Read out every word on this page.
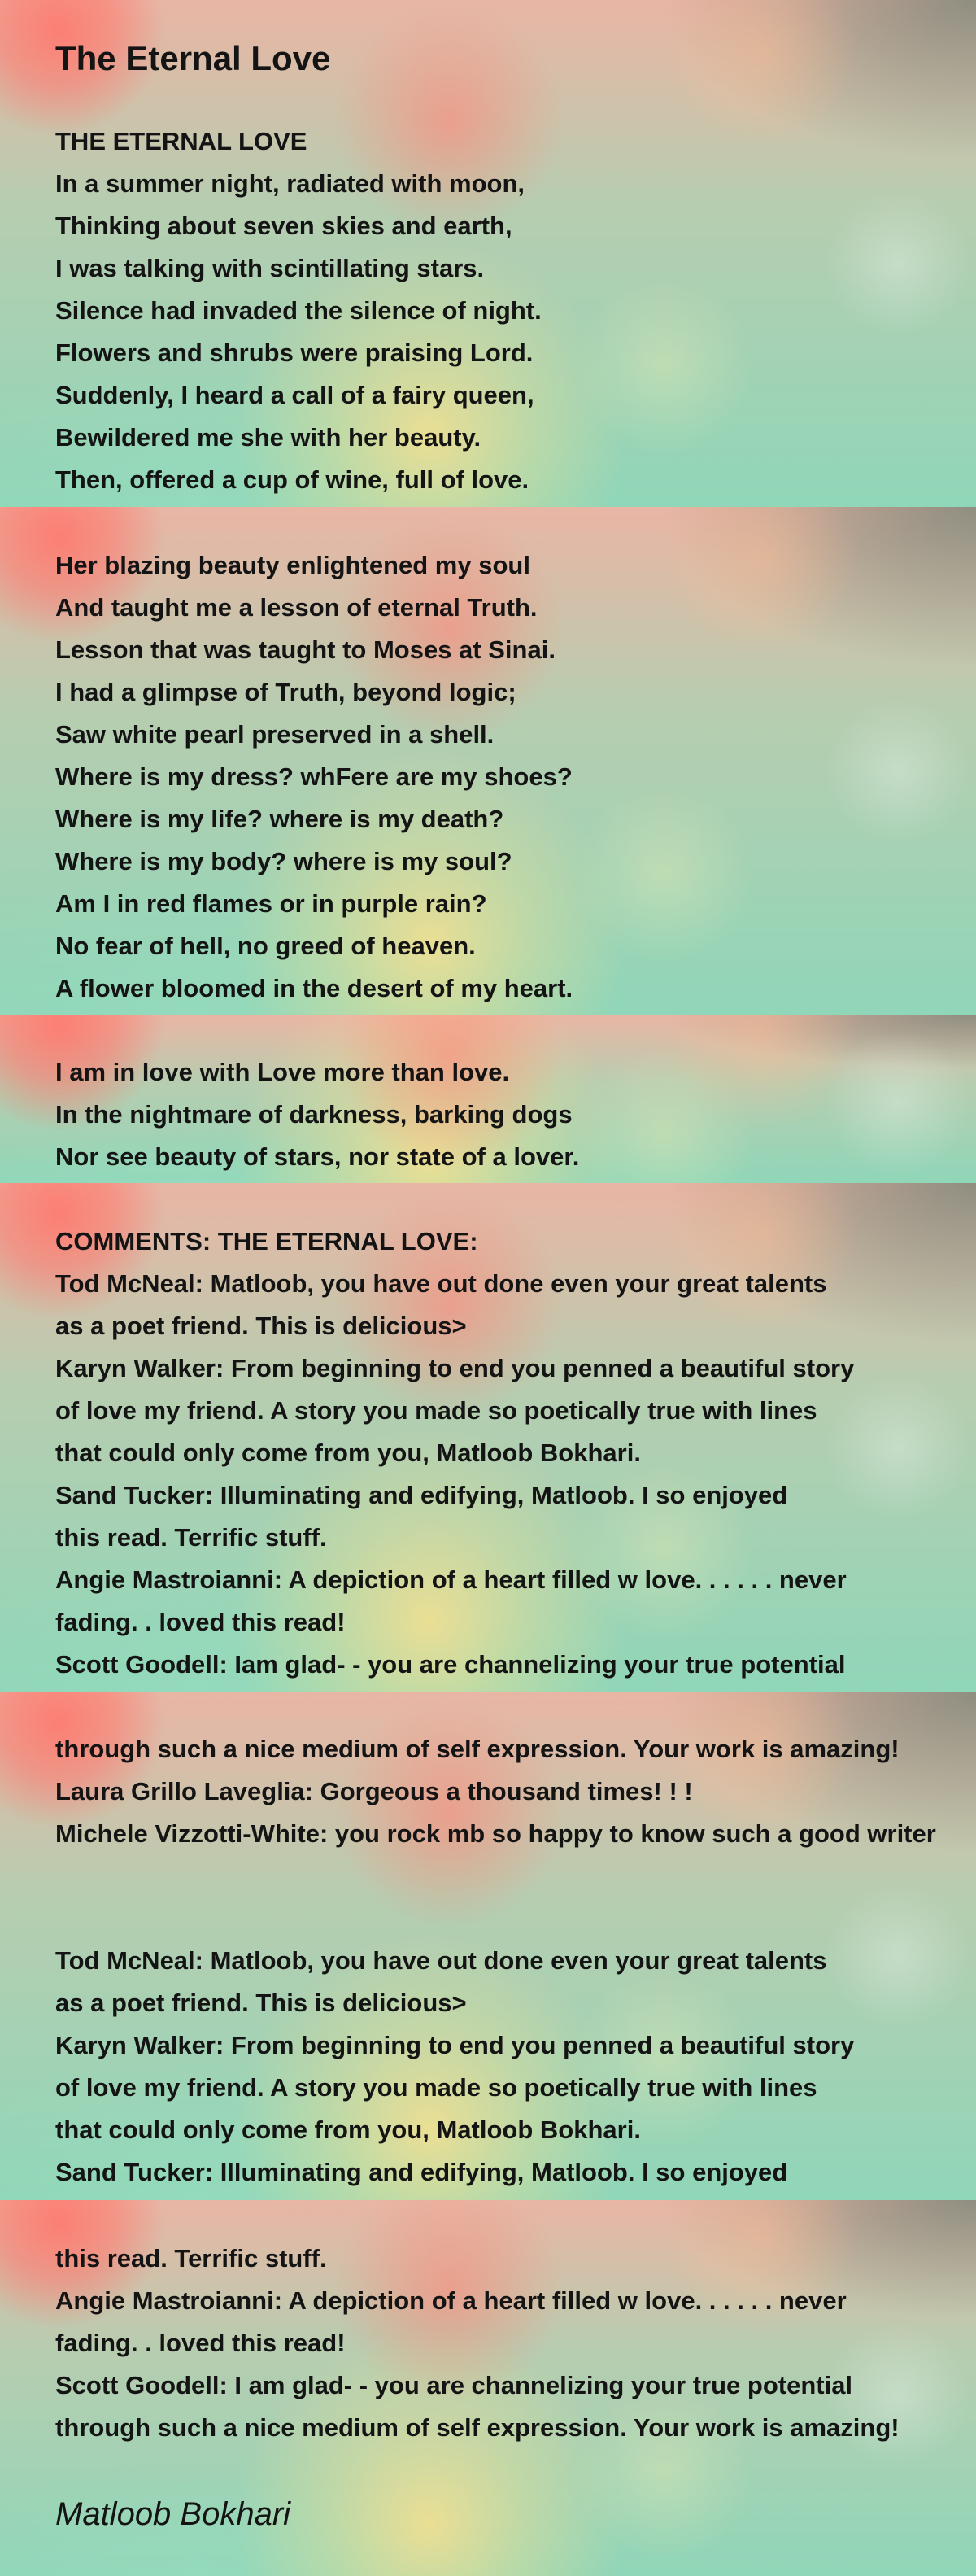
The Eternal Love

THE ETERNAL LOVE

In a summer night, radiated with moon,

Thinking about seven skies and earth,

I was talking with scintillating stars.

Silence had invaded the silence of night.

Flowers and shrubs were praising Lord.

Suddenly, I heard a call of a fairy queen,

Bewildered me she with her beauty.

Then, offered a cup of wine, full of love.

Her blazing beauty enlightened my soul

And taught me a lesson of eternal Truth.

Lesson that was taught to Moses at Sinai.

I had a glimpse of Truth, beyond logic;

Saw white pearl preserved in a shell.

Where is my dress? whFere are my shoes?

Where is my life? where is my death?

Where is my body? where is my soul?

Am I in red flames or in purple rain?

No fear of hell, no greed of heaven.

A flower bloomed in the desert of my heart.

I am in love with Love more than love.

In the nightmare of darkness, barking dogs

Nor see beauty of stars, nor state of a lover.

COMMENTS: THE ETERNAL LOVE:

Tod McNeal: Matloob, you have out done even your great talents

as a poet friend. This is delicious>

Karyn Walker: From beginning to end you penned a beautiful story

of love my friend. A story you made so poetically true with lines

that could only come from you, Matloob Bokhari.

Sand Tucker: Illuminating and edifying, Matloob. I so enjoyed

this read. Terrific stuff.

Angie Mastroianni: A depiction of a heart filled w love. . . . . . never

fading. . loved this read!

Scott Goodell: Iam glad- - you are channelizing your true potential

through such a nice medium of self expression. Your work is amazing!

Laura Grillo Laveglia: Gorgeous a thousand times! ! !

Michele Vizzotti-White: you rock mb so happy to know such a good writer

Tod McNeal: Matloob, you have out done even your great talents

as a poet friend. This is delicious>

Karyn Walker: From beginning to end you penned a beautiful story

of love my friend. A story you made so poetically true with lines

that could only come from you, Matloob Bokhari.

Sand Tucker: Illuminating and edifying, Matloob. I so enjoyed

this read. Terrific stuff.

Angie Mastroianni: A depiction of a heart filled w love. . . . . . never

fading. . loved this read!

Scott Goodell: I am glad- - you are channelizing your true potential

through such a nice medium of self expression. Your work is amazing!

Matloob Bokhari
